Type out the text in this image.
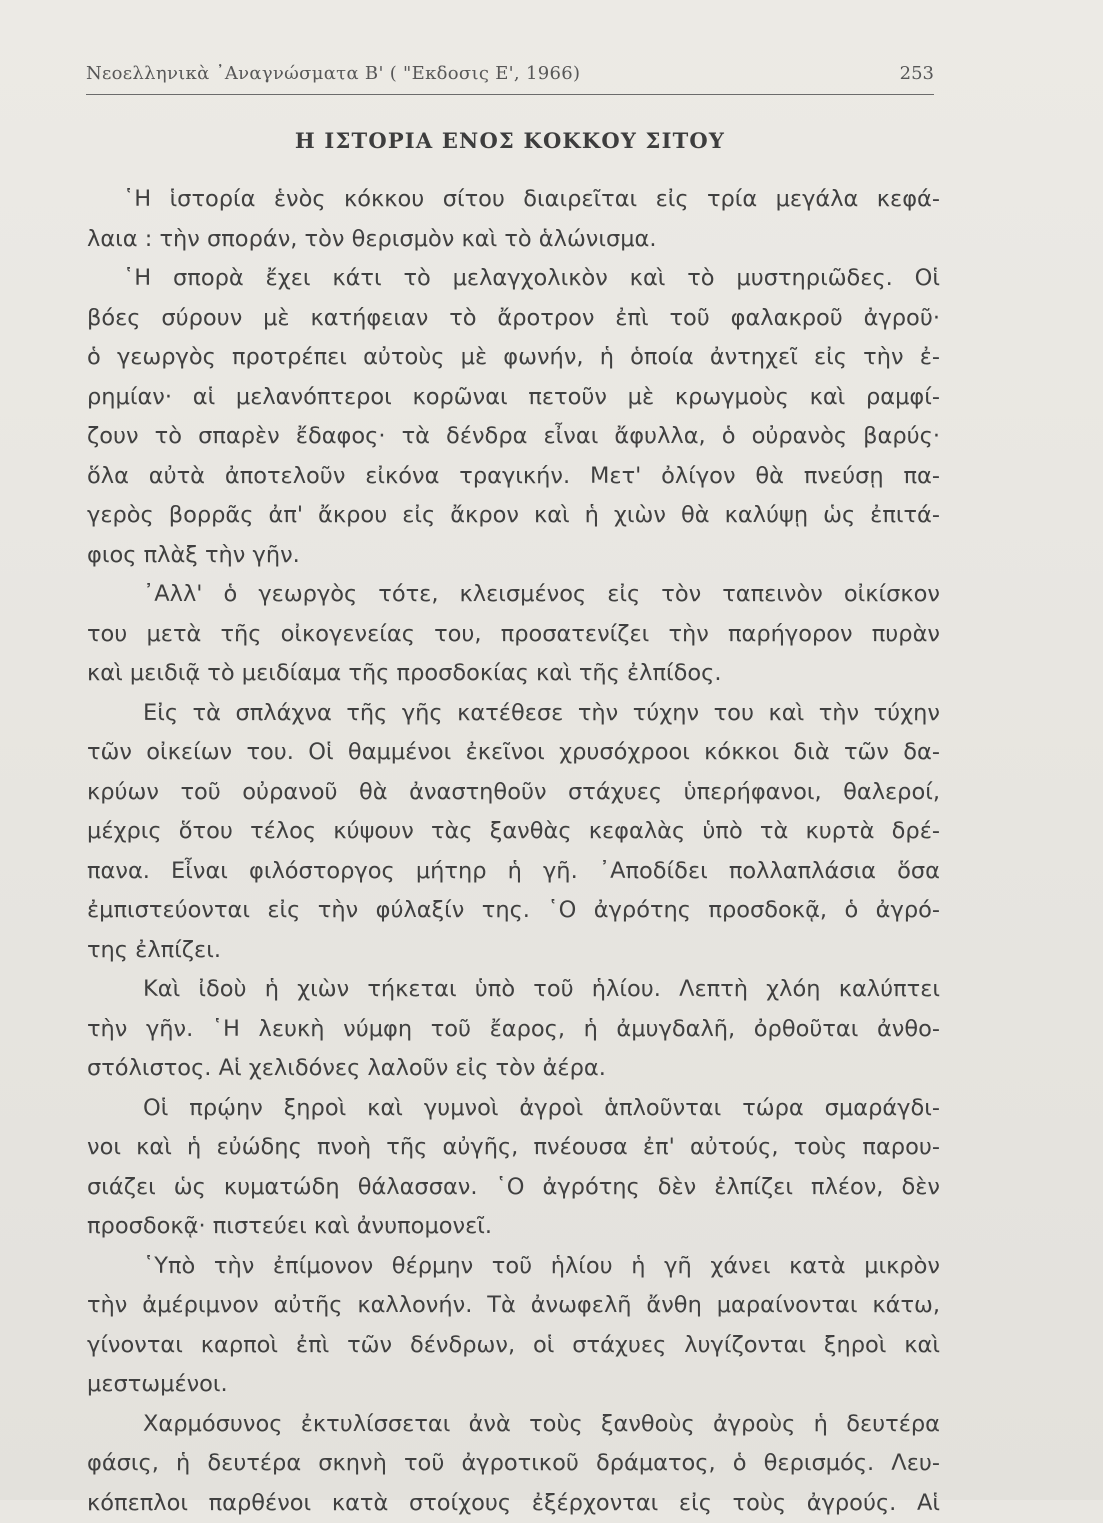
Νεοελληνικὰ ᾿Αναγνώσματα Β' ( "Εκδοσις Ε', 1966)	253
Η ΙΣΤΟΡΙΑ ΕΝΟΣ ΚΟΚΚΟΥ ΣΙΤΟΥ
῾Η ἱστορία ἑνὸς κόκκου σίτου διαιρεῖται εἰς τρία μεγάλα κεφά-
λαια : τὴν σποράν, τὸν θερισμὸν καὶ τὸ ἁλώνισμα.
῾Η σπορὰ ἔχει κάτι τὸ μελαγχολικὸν καὶ τὸ μυστηριῶδες. Οἱ
βόες σύρουν μὲ κατήφειαν τὸ ἄροτρον ἐπὶ τοῦ φαλακροῦ ἀγροῦ·
ὁ γεωργὸς προτρέπει αὐτοὺς μὲ φωνήν, ἡ ὁποία ἀντηχεῖ εἰς τὴν ἐ-
ρημίαν· αἱ μελανόπτεροι κορῶναι πετοῦν μὲ κρωγμοὺς καὶ ραμφί-
ζουν τὸ σπαρὲν ἔδαφος· τὰ δένδρα εἶναι ἄφυλλα, ὁ οὐρανὸς βαρύς·
ὅλα αὐτὰ ἀποτελοῦν εἰκόνα τραγικήν. Μετ' ὀλίγον θὰ πνεύσῃ πα-
γερὸς βορρᾶς ἀπ' ἄκρου εἰς ἄκρον καὶ ἡ χιὼν θὰ καλύψῃ ὡς ἐπιτά-
φιος πλὰξ τὴν γῆν.
᾿Αλλ' ὁ γεωργὸς τότε, κλεισμένος εἰς τὸν ταπεινὸν οἰκίσκον
του μετὰ τῆς οἰκογενείας του, προσατενίζει τὴν παρήγορον πυρὰν
καὶ μειδιᾷ τὸ μειδίαμα τῆς προσδοκίας καὶ τῆς ἐλπίδος.
Εἰς τὰ σπλάχνα τῆς γῆς κατέθεσε τὴν τύχην του καὶ τὴν τύχην
τῶν οἰκείων του. Οἱ θαμμένοι ἐκεῖνοι χρυσόχροοι κόκκοι διὰ τῶν δα-
κρύων τοῦ οὐρανοῦ θὰ ἀναστηθοῦν στάχυες ὑπερήφανοι, θαλεροί,
μέχρις ὅτου τέλος κύψουν τὰς ξανθὰς κεφαλὰς ὑπὸ τὰ κυρτὰ δρέ-
πανα. Εἶναι φιλόστοργος μήτηρ ἡ γῆ. ᾿Αποδίδει πολλαπλάσια ὅσα
ἐμπιστεύονται εἰς τὴν φύλαξίν της. ῾Ο ἀγρότης προσδοκᾷ, ὁ ἀγρό-
της ἐλπίζει.
Καὶ ἰδοὺ ἡ χιὼν τήκεται ὑπὸ τοῦ ἡλίου. Λεπτὴ χλόη καλύπτει
τὴν γῆν. ῾Η λευκὴ νύμφη τοῦ ἔαρος, ἡ ἀμυγδαλῆ, ὀρθοῦται ἀνθο-
στόλιστος. Αἱ χελιδόνες λαλοῦν εἰς τὸν ἀέρα.
Οἱ πρῴην ξηροὶ καὶ γυμνοὶ ἀγροὶ ἁπλοῦνται τώρα σμαράγδι-
νοι καὶ ἡ εὐώδης πνοὴ τῆς αὐγῆς, πνέουσα ἐπ' αὐτούς, τοὺς παρου-
σιάζει ὡς κυματώδη θάλασσαν. ῾Ο ἀγρότης δὲν ἐλπίζει πλέον, δὲν
προσδοκᾷ· πιστεύει καὶ ἀνυπομονεῖ.
῾Υπὸ τὴν ἐπίμονον θέρμην τοῦ ἡλίου ἡ γῆ χάνει κατὰ μικρὸν
τὴν ἀμέριμνον αὐτῆς καλλονήν. Τὰ ἀνωφελῆ ἄνθη μαραίνονται κάτω,
γίνονται καρποὶ ἐπὶ τῶν δένδρων, οἱ στάχυες λυγίζονται ξηροὶ καὶ
μεστωμένοι.
Χαρμόσυνος ἐκτυλίσσεται ἀνὰ τοὺς ξανθοὺς ἀγροὺς ἡ δευτέρα
φάσις, ἡ δευτέρα σκηνὴ τοῦ ἀγροτικοῦ δράματος, ὁ θερισμός. Λευ-
κόπεπλοι παρθένοι κατὰ στοίχους ἐξέρχονται εἰς τοὺς ἀγρούς. Αἱ
